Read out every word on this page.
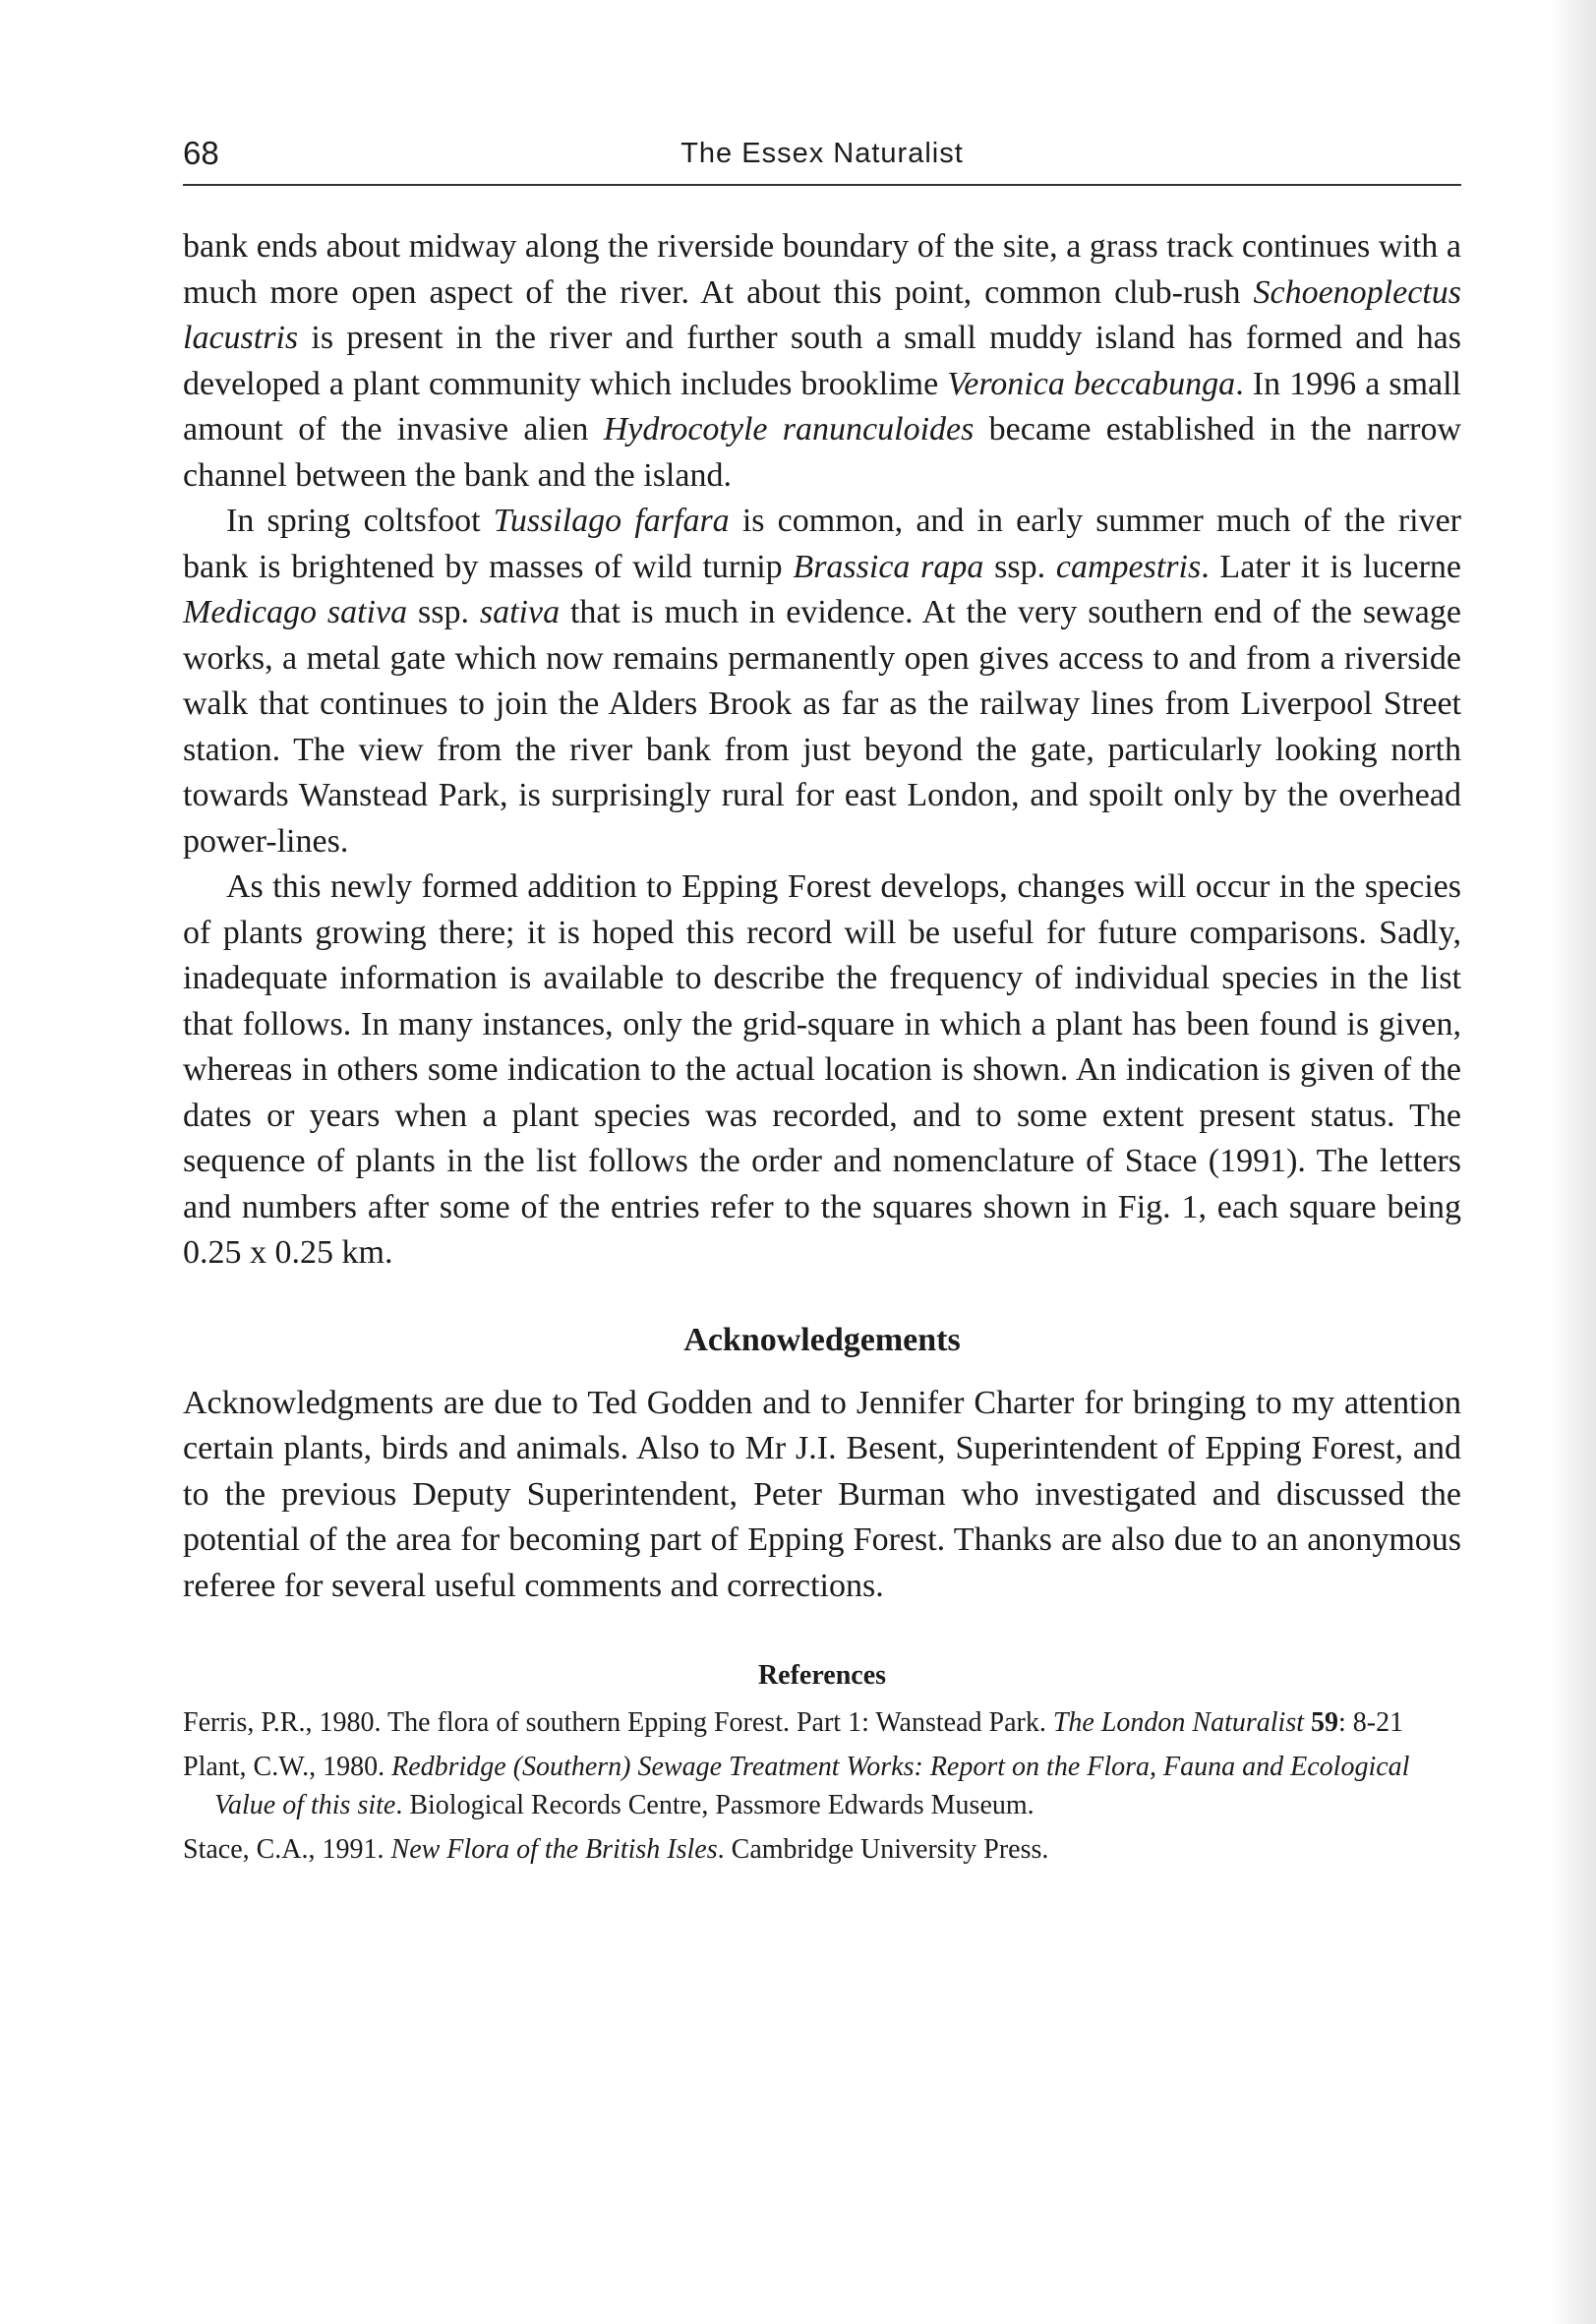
68	The Essex Naturalist

bank ends about midway along the riverside boundary of the site, a grass track continues with a much more open aspect of the river. At about this point, common club-rush Schoenoplectus lacustris is present in the river and further south a small muddy island has formed and has developed a plant community which includes brooklime Veronica beccabunga. In 1996 a small amount of the invasive alien Hydrocotyle ranunculoides became established in the narrow channel between the bank and the island.

In spring coltsfoot Tussilago farfara is common, and in early summer much of the river bank is brightened by masses of wild turnip Brassica rapa ssp. campestris. Later it is lucerne Medicago sativa ssp. sativa that is much in evidence. At the very southern end of the sewage works, a metal gate which now remains permanently open gives access to and from a riverside walk that continues to join the Alders Brook as far as the railway lines from Liverpool Street station. The view from the river bank from just beyond the gate, particularly looking north towards Wanstead Park, is surprisingly rural for east London, and spoilt only by the overhead power-lines.

As this newly formed addition to Epping Forest develops, changes will occur in the species of plants growing there; it is hoped this record will be useful for future comparisons. Sadly, inadequate information is available to describe the frequency of individual species in the list that follows. In many instances, only the grid-square in which a plant has been found is given, whereas in others some indication to the actual location is shown. An indication is given of the dates or years when a plant species was recorded, and to some extent present status. The sequence of plants in the list follows the order and nomenclature of Stace (1991). The letters and numbers after some of the entries refer to the squares shown in Fig. 1, each square being 0.25 x 0.25 km.

Acknowledgements

Acknowledgments are due to Ted Godden and to Jennifer Charter for bringing to my attention certain plants, birds and animals. Also to Mr J.I. Besent, Superintendent of Epping Forest, and to the previous Deputy Superintendent, Peter Burman who investigated and discussed the potential of the area for becoming part of Epping Forest. Thanks are also due to an anonymous referee for several useful comments and corrections.

References

Ferris, P.R., 1980. The flora of southern Epping Forest. Part 1: Wanstead Park. The London Naturalist 59: 8-21

Plant, C.W., 1980. Redbridge (Southern) Sewage Treatment Works: Report on the Flora, Fauna and Ecological Value of this site. Biological Records Centre, Passmore Edwards Museum.

Stace, C.A., 1991. New Flora of the British Isles. Cambridge University Press.
